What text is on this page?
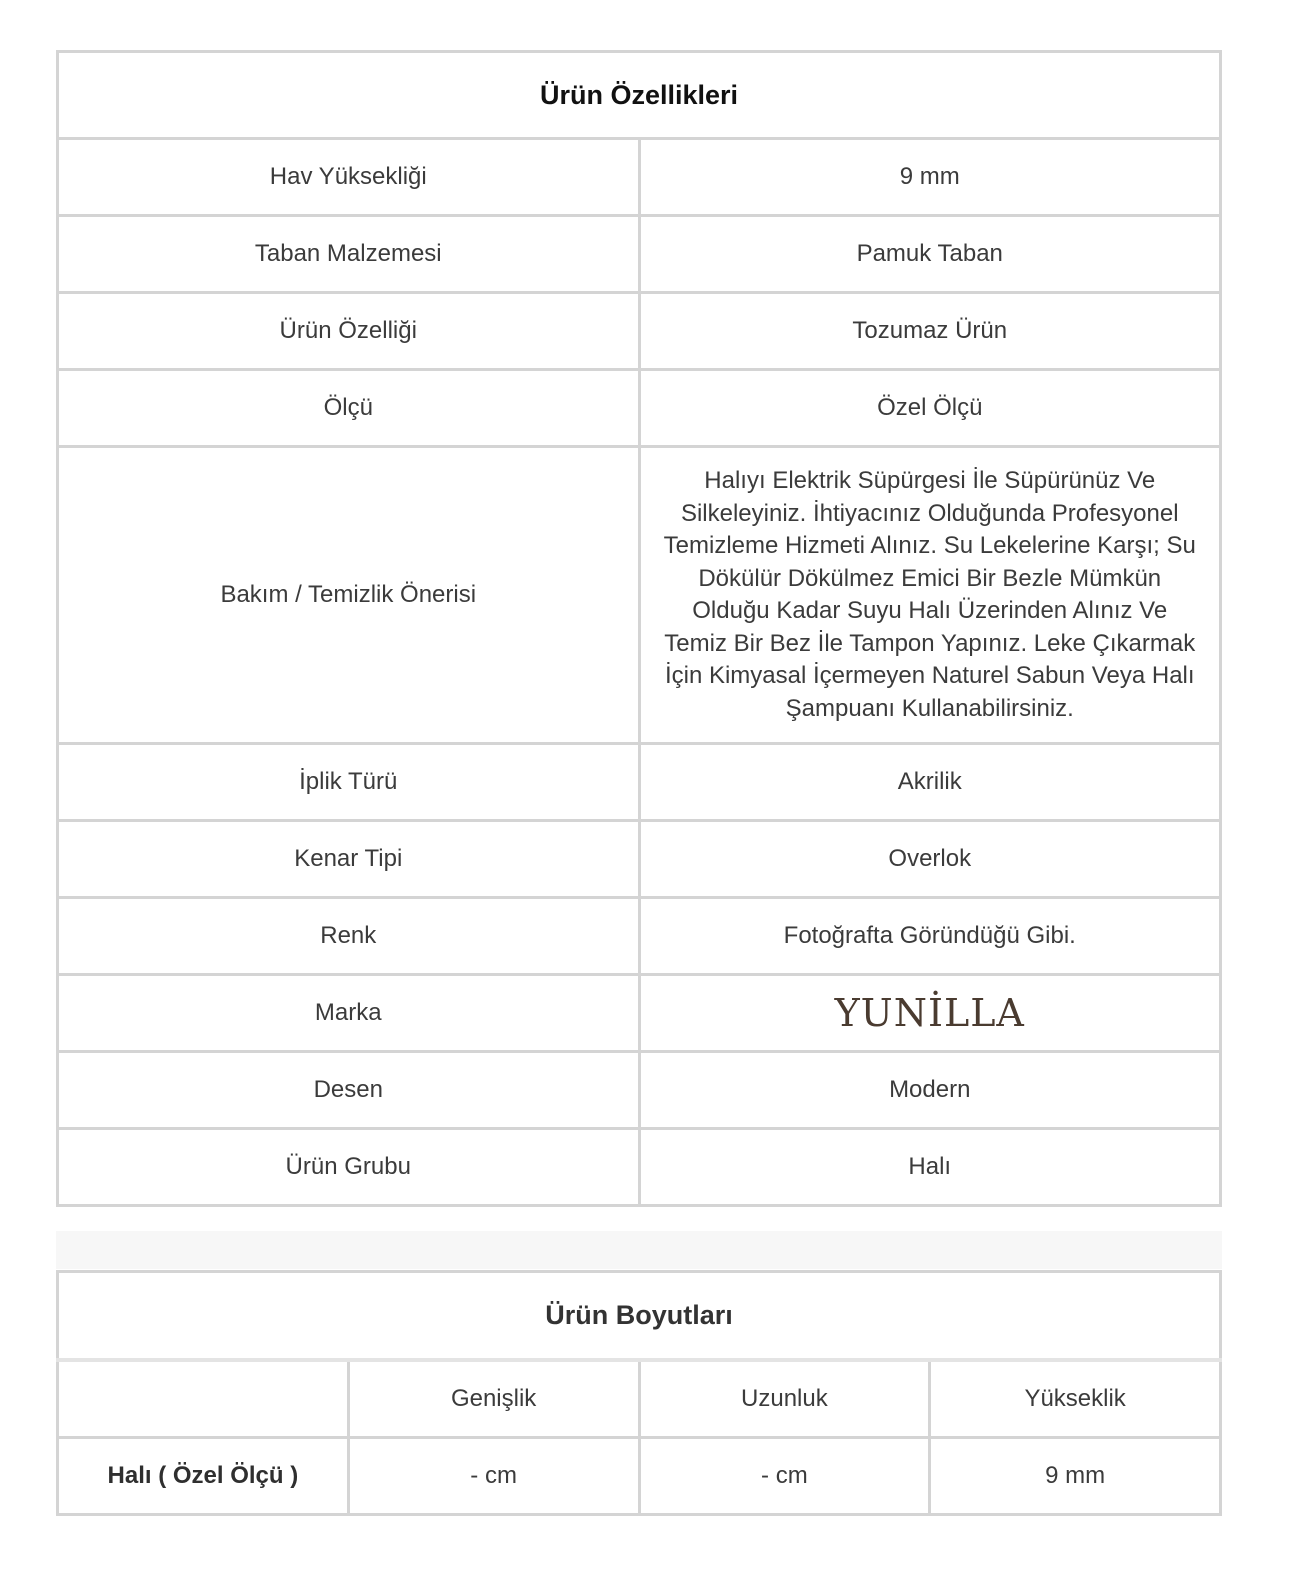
Ürün Özellikleri	
Hav Yüksekliği	9 mm
Taban Malzemesi	Pamuk Taban
Ürün Özelliği	Tozumaz Ürün
Ölçü	Özel Ölçü
Bakım / Temizlik Önerisi	Halıyı Elektrik Süpürgesi İle Süpürünüz Ve Silkeleyiniz. İhtiyacınız Olduğunda Profesyonel Temizleme Hizmeti Alınız. Su Lekelerine Karşı; Su Dökülür Dökülmez Emici Bir Bezle Mümkün Olduğu Kadar Suyu Halı Üzerinden Alınız Ve Temiz Bir Bez İle Tampon Yapınız. Leke Çıkarmak İçin Kimyasal İçermeyen Naturel Sabun Veya Halı Şampuanı Kullanabilirsiniz.
İplik Türü	Akrilik
Kenar Tipi	Overlok
Renk	Fotoğrafta Göründüğü Gibi.
Marka	YUNİLLA
Desen	Modern
Ürün Grubu	Halı
Ürün Boyutları			
	Genişlik	Uzunluk	Yükseklik
Halı ( Özel Ölçü )	- cm	- cm	9 mm
